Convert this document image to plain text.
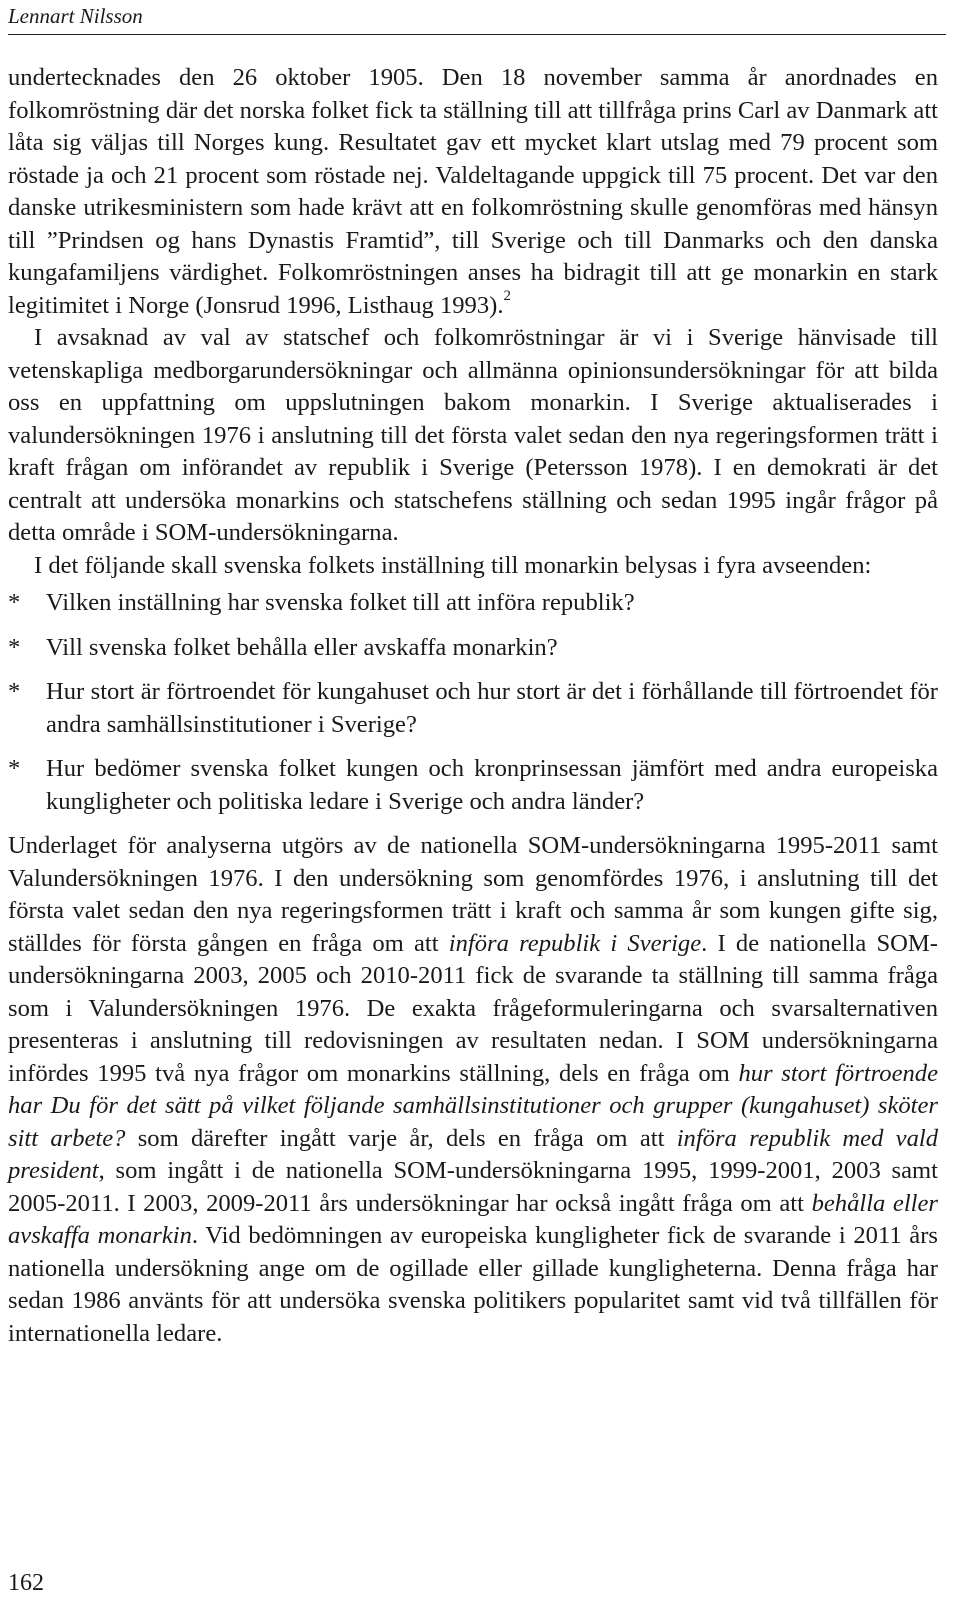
Lennart Nilsson

undertecknades den 26 oktober 1905. Den 18 november samma år anordnades en folkomröstning där det norska folket fick ta ställning till att tillfråga prins Carl av Danmark att låta sig väljas till Norges kung. Resultatet gav ett mycket klart utslag med 79 procent som röstade ja och 21 procent som röstade nej. Valdeltagande uppgick till 75 procent. Det var den danske utrikesministern som hade krävt att en folkomröstning skulle genomföras med hänsyn till ”Prindsen og hans Dynastis Framtid”, till Sverige och till Danmarks och den danska kungafamiljens värdighet. Folkomröstningen anses ha bidragit till att ge monarkin en stark legitimitet i Norge (Jonsrud 1996, Listhaug 1993).$^2$

I avsaknad av val av statschef och folkomröstningar är vi i Sverige hänvisade till vetenskapliga medborgarundersökningar och allmänna opinionsundersökningar för att bilda oss en uppfattning om uppslutningen bakom monarkin. I Sverige aktualiserades i valundersökningen 1976 i anslutning till det första valet sedan den nya regeringsformen trätt i kraft frågan om införandet av republik i Sverige (Petersson 1978). I en demokrati är det centralt att undersöka monarkins och statschefens ställning och sedan 1995 ingår frågor på detta område i SOM-undersökningarna.

I det följande skall svenska folkets inställning till monarkin belysas i fyra avseenden:

*	Vilken inställning har svenska folket till att införa republik?
*	Vill svenska folket behålla eller avskaffa monarkin?
*	Hur stort är förtroendet för kungahuset och hur stort är det i förhållande till förtroendet för andra samhällsinstitutioner i Sverige?
*	Hur bedömer svenska folket kungen och kronprinsessan jämfört med andra europeiska kungligheter och politiska ledare i Sverige och andra länder?

Underlaget för analyserna utgörs av de nationella SOM-undersökningarna 1995-2011 samt Valundersökningen 1976. I den undersökning som genomfördes 1976, i anslutning till det första valet sedan den nya regeringsformen trätt i kraft och samma år som kungen gifte sig, ställdes för första gången en fråga om att införa republik i Sverige. I de nationella SOM-undersökningarna 2003, 2005 och 2010-2011 fick de svarande ta ställning till samma fråga som i Valundersökningen 1976. De exakta frågeformuleringarna och svarsalternativen presenteras i anslutning till redovisningen av resultaten nedan. I SOM undersökningarna infördes 1995 två nya frågor om monarkins ställning, dels en fråga om hur stort förtroende har Du för det sätt på vilket följande samhällsinstitutioner och grupper (kungahuset) sköter sitt arbete? som därefter ingått varje år, dels en fråga om att införa republik med vald president, som ingått i de nationella SOM-undersökningarna 1995, 1999-2001, 2003 samt 2005-2011. I 2003, 2009-2011 års undersökningar har också ingått fråga om att behålla eller avskaffa monarkin. Vid bedömningen av europeiska kungligheter fick de svarande i 2011 års nationella undersökning ange om de ogillade eller gillade kungligheterna. Denna fråga har sedan 1986 använts för att undersöka svenska politikers popularitet samt vid två tillfällen för internationella ledare.

162
